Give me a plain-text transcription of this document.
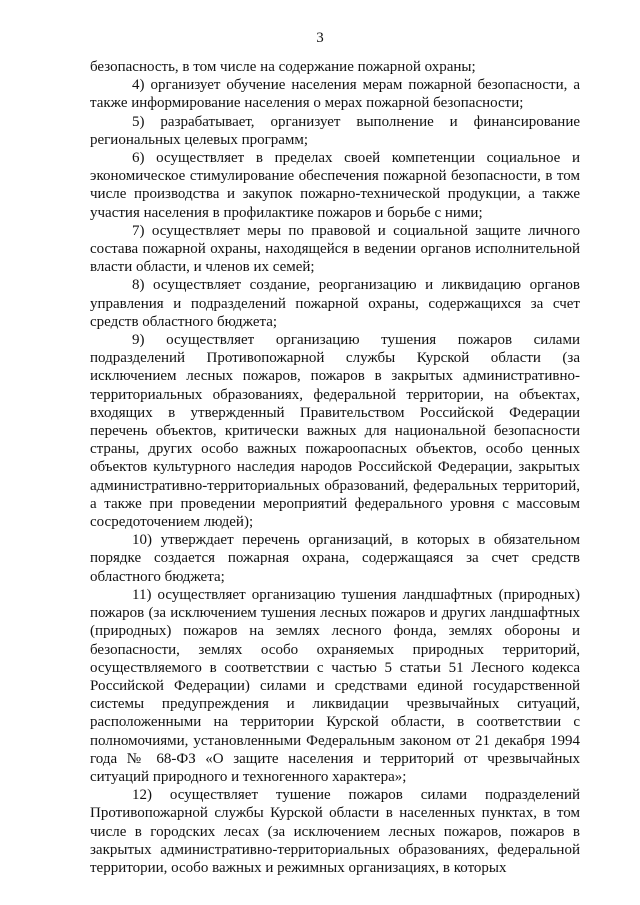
3

безопасность, в том числе на содержание пожарной охраны;

4) организует обучение населения мерам пожарной безопасности, а также информирование населения о мерах пожарной безопасности;

5) разрабатывает, организует выполнение и финансирование региональных целевых программ;

6) осуществляет в пределах своей компетенции социальное и экономическое стимулирование обеспечения пожарной безопасности, в том числе производства и закупок пожарно-технической продукции, а также участия населения в профилактике пожаров и борьбе с ними;

7) осуществляет меры по правовой и социальной защите личного состава пожарной охраны, находящейся в ведении органов исполнительной власти области, и членов их семей;

8) осуществляет создание, реорганизацию и ликвидацию органов управления и подразделений пожарной охраны, содержащихся за счет средств областного бюджета;

9) осуществляет организацию тушения пожаров силами подразделений Противопожарной службы Курской области (за исключением лесных пожаров, пожаров в закрытых административно-территориальных образованиях, федеральной территории, на объектах, входящих в утвержденный Правительством Российской Федерации перечень объектов, критически важных для национальной безопасности страны, других особо важных пожароопасных объектов, особо ценных объектов культурного наследия народов Российской Федерации, закрытых административно-территориальных образований, федеральных территорий, а также при проведении мероприятий федерального уровня с массовым сосредоточением людей);

10) утверждает перечень организаций, в которых в обязательном порядке создается пожарная охрана, содержащаяся за счет средств областного бюджета;

11) осуществляет организацию тушения ландшафтных (природных) пожаров (за исключением тушения лесных пожаров и других ландшафтных (природных) пожаров на землях лесного фонда, землях обороны и безопасности, землях особо охраняемых природных территорий, осуществляемого в соответствии с частью 5 статьи 51 Лесного кодекса Российской Федерации) силами и средствами единой государственной системы предупреждения и ликвидации чрезвычайных ситуаций, расположенными на территории Курской области, в соответствии с полномочиями, установленными Федеральным законом от 21 декабря 1994 года № 68-ФЗ «О защите населения и территорий от чрезвычайных ситуаций природного и техногенного характера»;

12) осуществляет тушение пожаров силами подразделений Противопожарной службы Курской области в населенных пунктах, в том числе в городских лесах (за исключением лесных пожаров, пожаров в закрытых административно-территориальных образованиях, федеральной территории, особо важных и режимных организациях, в которых
